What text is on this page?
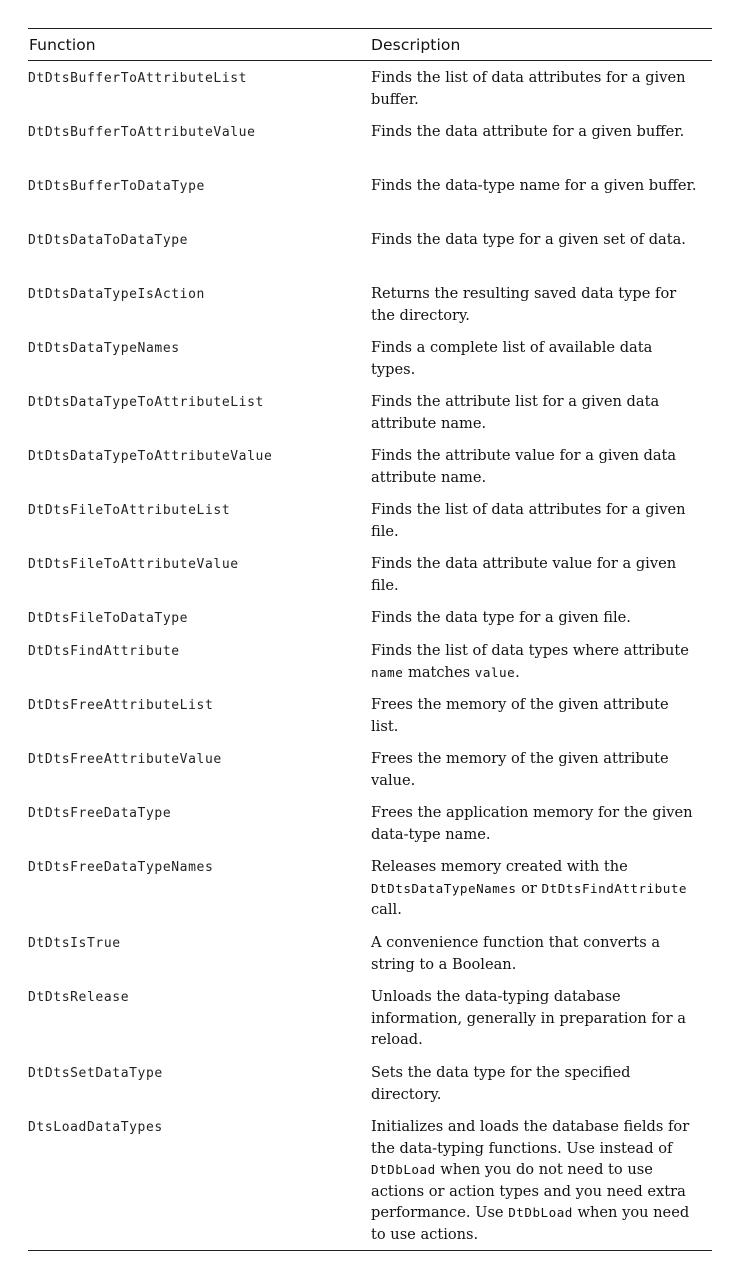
Function	Description
DtDtsBufferToAttributeList	Finds the list of data attributes for a given buffer.
DtDtsBufferToAttributeValue	Finds the data attribute for a given buffer.
DtDtsBufferToDataType	Finds the data-type name for a given buffer.
DtDtsDataToDataType	Finds the data type for a given set of data.
DtDtsDataTypeIsAction	Returns the resulting saved data type for the directory.
DtDtsDataTypeNames	Finds a complete list of available data types.
DtDtsDataTypeToAttributeList	Finds the attribute list for a given data attribute name.
DtDtsDataTypeToAttributeValue	Finds the attribute value for a given data attribute name.
DtDtsFileToAttributeList	Finds the list of data attributes for a given file.
DtDtsFileToAttributeValue	Finds the data attribute value for a given file.
DtDtsFileToDataType	Finds the data type for a given file.
DtDtsFindAttribute	Finds the list of data types where attribute name matches value.
DtDtsFreeAttributeList	Frees the memory of the given attribute list.
DtDtsFreeAttributeValue	Frees the memory of the given attribute value.
DtDtsFreeDataType	Frees the application memory for the given data-type name.
DtDtsFreeDataTypeNames	Releases memory created with the DtDtsDataTypeNames or DtDtsFindAttribute call.
DtDtsIsTrue	A convenience function that converts a string to a Boolean.
DtDtsRelease	Unloads the data-typing database information, generally in preparation for a reload.
DtDtsSetDataType	Sets the data type for the specified directory.
DtsLoadDataTypes	Initializes and loads the database fields for the data-typing functions. Use instead of DtDbLoad when you do not need to use actions or action types and you need extra performance. Use DtDbLoad when you need to use actions.
